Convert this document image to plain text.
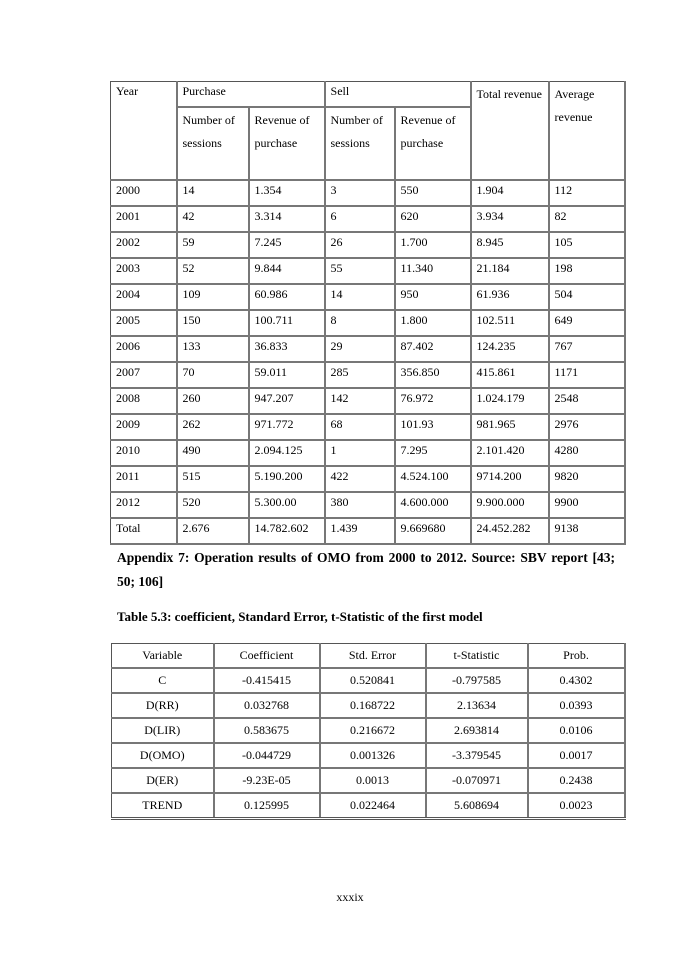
Year	Purchase		Sell		Total revenue	Average revenue
	Number of sessions	Revenue of purchase	Number of sessions	Revenue of purchase		
2000	14	1.354	3	550	1.904	112
2001	42	3.314	6	620	3.934	82
2002	59	7.245	26	1.700	8.945	105
2003	52	9.844	55	11.340	21.184	198
2004	109	60.986	14	950	61.936	504
2005	150	100.711	8	1.800	102.511	649
2006	133	36.833	29	87.402	124.235	767
2007	70	59.011	285	356.850	415.861	1171
2008	260	947.207	142	76.972	1.024.179	2548
2009	262	971.772	68	101.93	981.965	2976
2010	490	2.094.125	1	7.295	2.101.420	4280
2011	515	5.190.200	422	4.524.100	9714.200	9820
2012	520	5.300.00	380	4.600.000	9.900.000	9900
Total	2.676	14.782.602	1.439	9.669680	24.452.282	9138
Appendix 7: Operation results of OMO from 2000 to 2012. Source: SBV report [43; 50; 106]
Table 5.3: coefficient, Standard Error, t-Statistic of the first model
Variable	Coefficient	Std. Error	t-Statistic	Prob.
C	-0.415415	0.520841	-0.797585	0.4302
D(RR)	0.032768	0.168722	2.13634	0.0393
D(LIR)	0.583675	0.216672	2.693814	0.0106
D(OMO)	-0.044729	0.001326	-3.379545	0.0017
D(ER)	-9.23E-05	0.0013	-0.070971	0.2438
TREND	0.125995	0.022464	5.608694	0.0023
xxxix
